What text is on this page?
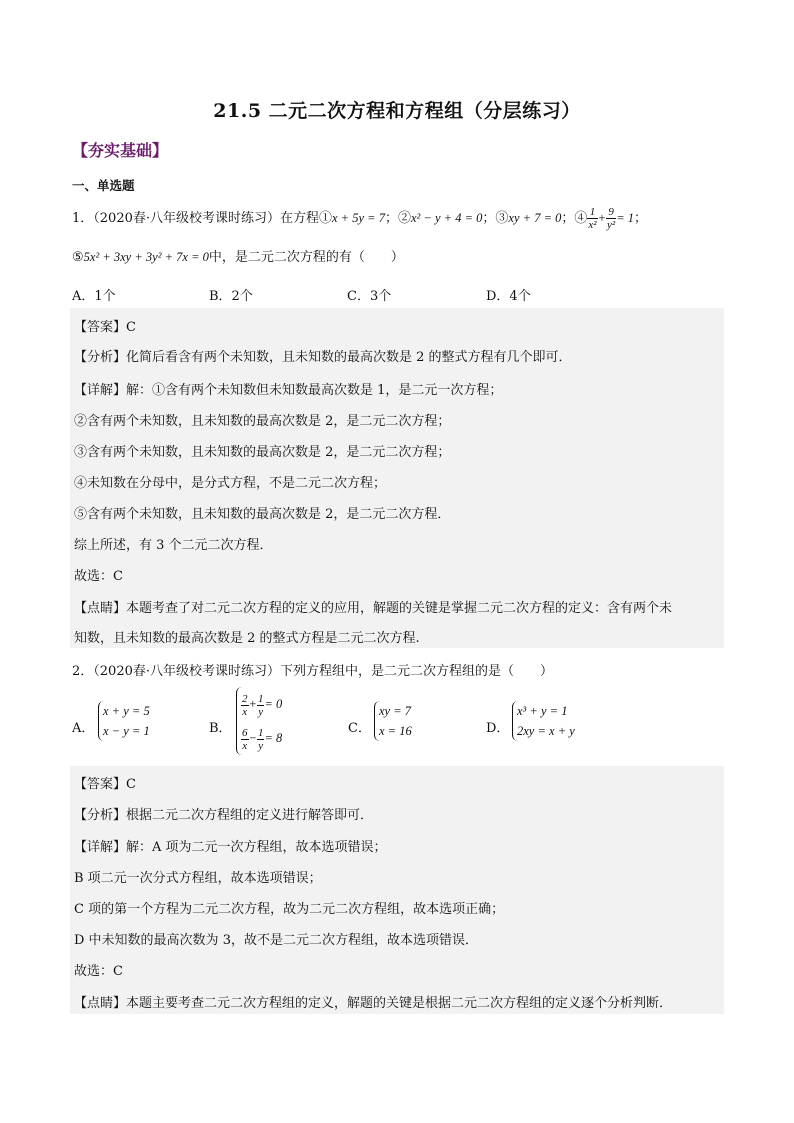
21.5 二元二次方程和方程组（分层练习）
【夯实基础】
一、单选题
1．（2020春·八年级校考课时练习）在方程①x + 5y = 7；②x² − y + 4 = 0；③xy + 7 = 0；④ $\frac{1}{\text{x²}} + \frac{9}{\text{y²}} = 1$；
⑤5x² + 3xy + 3y² + 7x = 0中，是二元二次方程的有（　　）
A．1个	B．2个	C．3个	D．4个
【答案】C
【分析】化简后看含有两个未知数，且未知数的最高次数是 2 的整式方程有几个即可．
【详解】解：①含有两个未知数但未知数最高次数是 1，是二元一次方程；
②含有两个未知数，且未知数的最高次数是 2，是二元二次方程；
③含有两个未知数，且未知数的最高次数是 2，是二元二次方程；
④未知数在分母中，是分式方程，不是二元二次方程；
⑤含有两个未知数，且未知数的最高次数是 2，是二元二次方程．
综上所述，有 3 个二元二次方程．
故选：C
【点睛】本题考查了对二元二次方程的定义的应用，解题的关键是掌握二元二次方程的定义：含有两个未
知数，且未知数的最高次数是 2 的整式方程是二元二次方程.
2．（2020春·八年级校考课时练习）下列方程组中，是二元二次方程组的是（　　）
A．
x + y = 5
x − y = 1	B．
$\frac{2}{x} + \frac{1}{y} = 0$
$\frac{6}{x} - \frac{1}{y} = 8$
C．
xy = 7
x = 16	D．
x³ + y = 1
2xy = x + y
【答案】C
【分析】根据二元二次方程组的定义进行解答即可．
【详解】解：A 项为二元一次方程组，故本选项错误；
B 项二元一次分式方程组，故本选项错误；
C 项的第一个方程为二元二次方程，故为二元二次方程组，故本选项正确；
D 中未知数的最高次数为 3，故不是二元二次方程组，故本选项错误．
故选：C
【点睛】本题主要考查二元二次方程组的定义，解题的关键是根据二元二次方程组的定义逐个分析判断．
